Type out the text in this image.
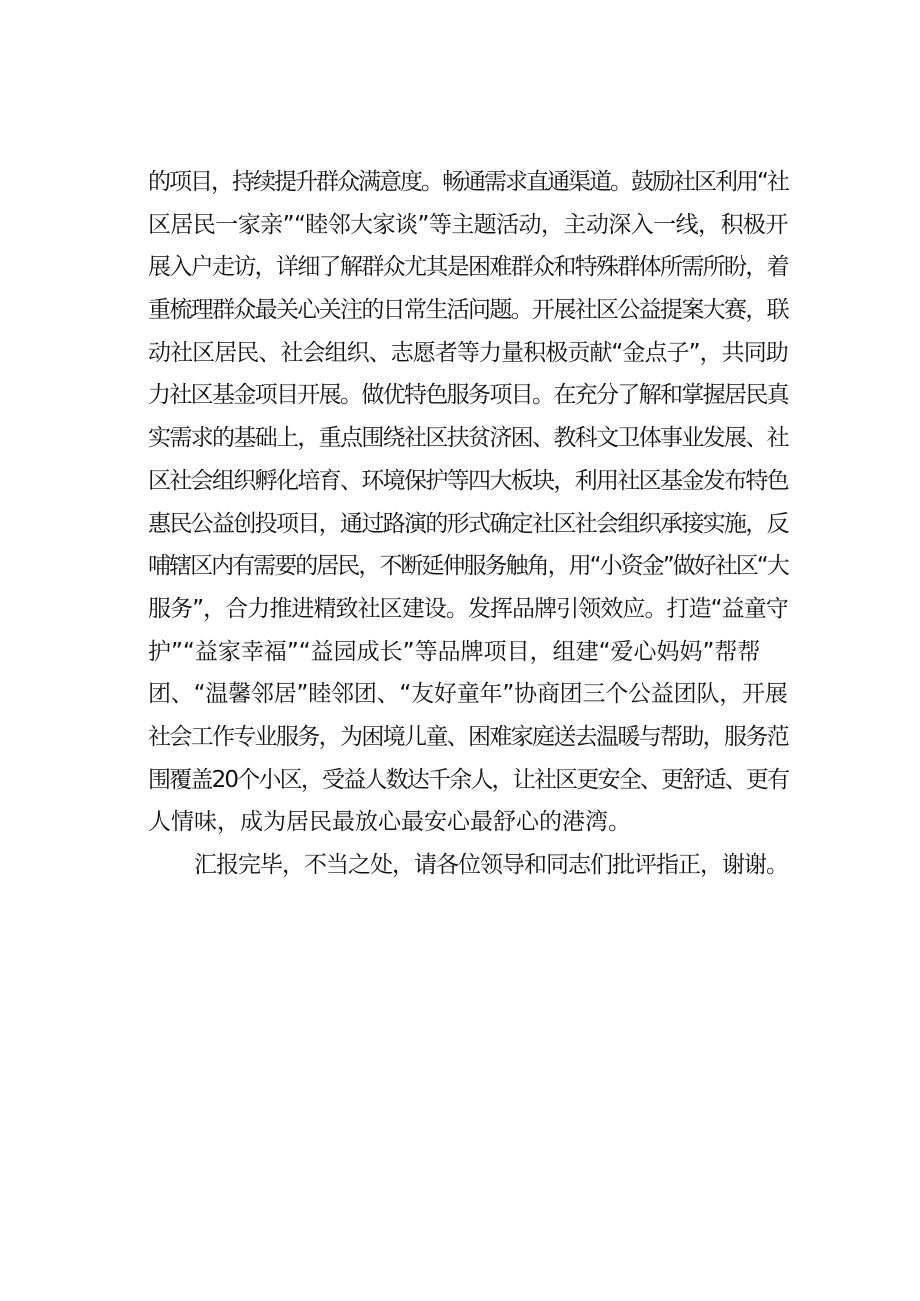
的项目，持续提升群众满意度。畅通需求直通渠道。鼓励社区利用“社
区居民一家亲”“睦邻大家谈”等主题活动，主动深入一线，积极开
展入户走访，详细了解群众尤其是困难群众和特殊群体所需所盼，着
重梳理群众最关心关注的日常生活问题。开展社区公益提案大赛，联
动社区居民、社会组织、志愿者等力量积极贡献“金点子”，共同助
力社区基金项目开展。做优特色服务项目。在充分了解和掌握居民真
实需求的基础上，重点围绕社区扶贫济困、教科文卫体事业发展、社
区社会组织孵化培育、环境保护等四大板块，利用社区基金发布特色
惠民公益创投项目，通过路演的形式确定社区社会组织承接实施，反
哺辖区内有需要的居民，不断延伸服务触角，用“小资金”做好社区“大
服务”，合力推进精致社区建设。发挥品牌引领效应。打造“益童守
护”“益家幸福”“益园成长”等品牌项目，组建“爱心妈妈”帮帮
团、“温馨邻居”睦邻团、“友好童年”协商团三个公益团队，开展
社会工作专业服务，为困境儿童、困难家庭送去温暖与帮助，服务范
围覆盖20个小区，受益人数达千余人，让社区更安全、更舒适、更有
人情味，成为居民最放心最安心最舒心的港湾。
汇报完毕，不当之处，请各位领导和同志们批评指正，谢谢。
